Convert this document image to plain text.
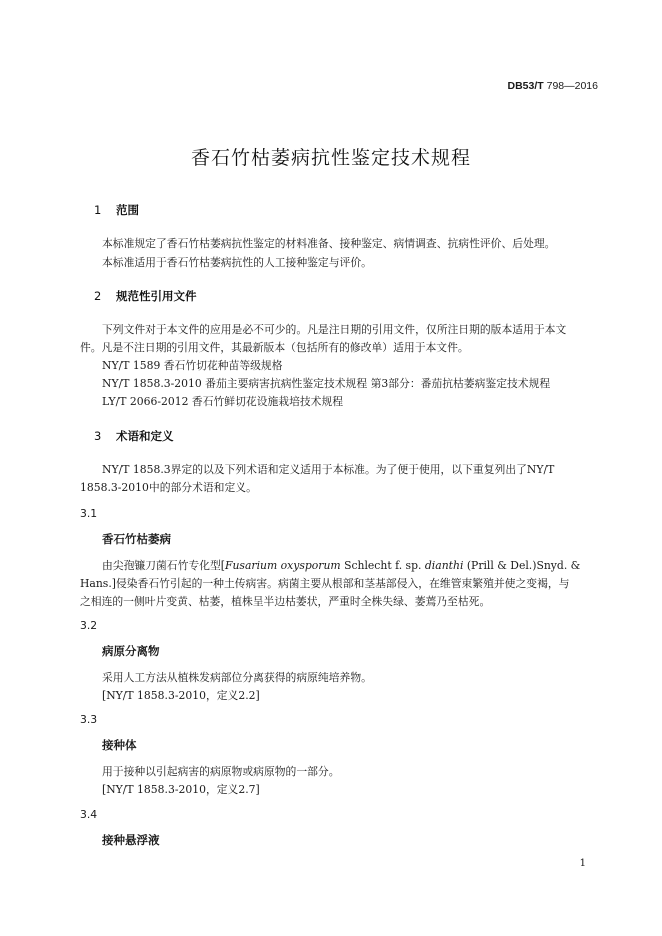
DB53/T 798—2016
香石竹枯萎病抗性鉴定技术规程
1 范围
本标准规定了香石竹枯萎病抗性鉴定的材料准备、接种鉴定、病情调查、抗病性评价、后处理。
本标准适用于香石竹枯萎病抗性的人工接种鉴定与评价。
2 规范性引用文件
下列文件对于本文件的应用是必不可少的。凡是注日期的引用文件，仅所注日期的版本适用于本文
件。凡是不注日期的引用文件，其最新版本（包括所有的修改单）适用于本文件。
NY/T 1589 香石竹切花种苗等级规格
NY/T 1858.3-2010 番茄主要病害抗病性鉴定技术规程 第3部分：番茄抗枯萎病鉴定技术规程
LY/T 2066-2012 香石竹鲜切花设施栽培技术规程
3 术语和定义
NY/T 1858.3界定的以及下列术语和定义适用于本标准。为了便于使用，以下重复列出了NY/T
1858.3-2010中的部分术语和定义。
3.1
香石竹枯萎病
由尖孢镰刀菌石竹专化型[Fusarium oxysporum Schlecht f. sp. dianthi (Prill & Del.)Snyd. &
Hans.]侵染香石竹引起的一种土传病害。病菌主要从根部和茎基部侵入，在维管束繁殖并使之变褐，与
之相连的一侧叶片变黄、枯萎，植株呈半边枯萎状，严重时全株失绿、萎蔫乃至枯死。
3.2
病原分离物
采用人工方法从植株发病部位分离获得的病原纯培养物。
[NY/T 1858.3-2010，定义2.2]
3.3
接种体
用于接种以引起病害的病原物或病原物的一部分。
[NY/T 1858.3-2010，定义2.7]
3.4
接种悬浮液
1
